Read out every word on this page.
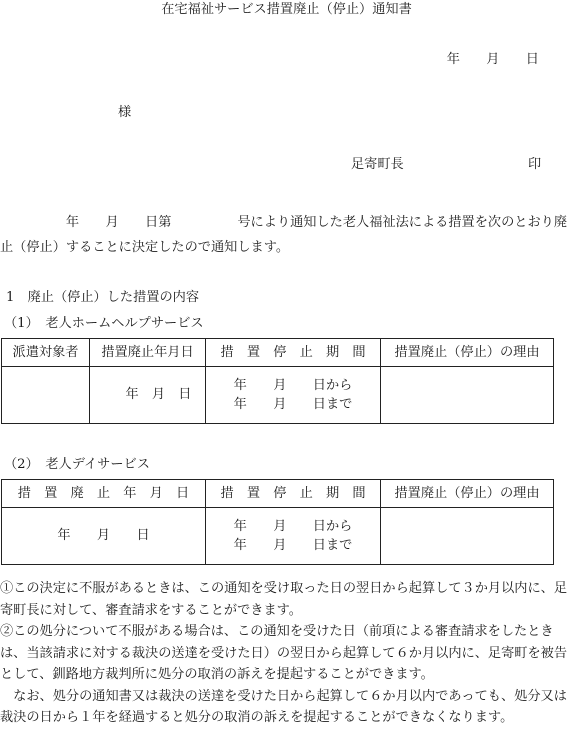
在宅福祉サービス措置廃止（停止）通知書
年　　月　　日
様
足寄町長	印
　　　　　年　　月　　日第　　　　　号により通知した老人福祉法による措置を次のとおり廃止（停止）することに決定したので通知します。
1　廃止（停止）した措置の内容
（1）　老人ホームヘルプサービス
派遣対象者	措置廃止年月日	措　置　停　止　期　間	措置廃止（停止）の理由
	年　月　日	年　　月　　日から
年　　月　　日まで	

（2）　老人デイサービス
措　置　廃　止　年　月　日	措　置　停　止　期　間	措置廃止（停止）の理由
年　　月　　日	年　　月　　日から
年　　月　　日まで	

①この決定に不服があるときは、この通知を受け取った日の翌日から起算して３か月以内に、足寄町長に対して、審査請求をすることができます。

②この処分について不服がある場合は、この通知を受けた日（前項による審査請求をしたときは、当該請求に対する裁決の送達を受けた日）の翌日から起算して６か月以内に、足寄町を被告として、釧路地方裁判所に処分の取消の訴えを提起することができます。

　なお、処分の通知書又は裁決の送達を受けた日から起算して６か月以内であっても、処分又は裁決の日から１年を経過すると処分の取消の訴えを提起することができなくなります。
